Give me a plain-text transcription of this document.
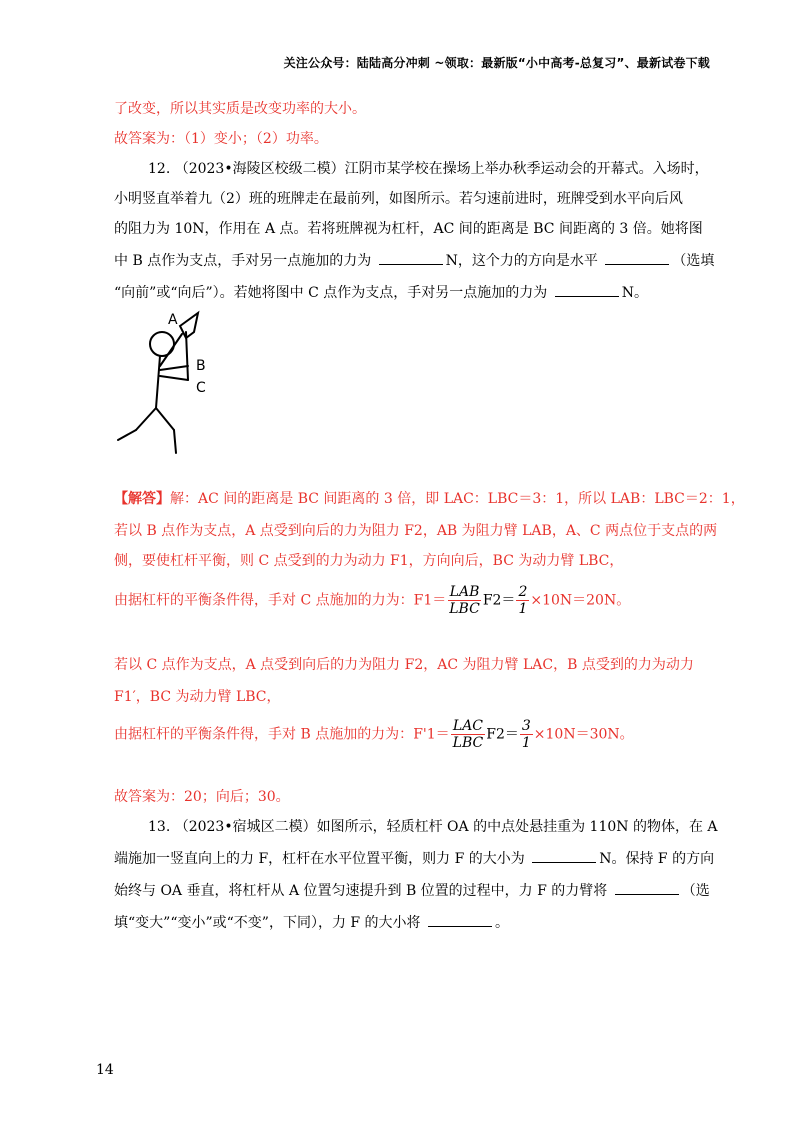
关注公众号：陆陆高分冲刺 ~领取：最新版“小中高考-总复习”、最新试卷下载
了改变，所以其实质是改变功率的大小。
故答案为：（1）变小；（2）功率。
12. （2023•海陵区校级二模）江阴市某学校在操场上举办秋季运动会的开幕式。入场时，
小明竖直举着九（2）班的班牌走在最前列，如图所示。若匀速前进时，班牌受到水平向后风
的阻力为 10N，作用在 A 点。若将班牌视为杠杆，AC 间的距离是 BC 间距离的 3 倍。她将图
中 B 点作为支点，手对另一点施加的力为	N，这个力的方向是水平	（选填
“向前”或“向后”）。若她将图中 C 点作为支点，手对另一点施加的力为	N。
A
B
C
【解答】解：AC 间的距离是 BC 间距离的 3 倍，即 LAC：LBC＝3：1，所以 LAB：LBC＝2：1，
若以 B 点作为支点，A 点受到向后的力为阻力 F2，AB 为阻力臂 LAB，A、C 两点位于支点的两
侧，要使杠杆平衡，则 C 点受到的力为动力 F1，方向向后，BC 为动力臂 LBC，
由据杠杆的平衡条件得，手对 C 点施加的力为：$F1= \frac{\text{LAB}}{\text{LBC}} F2= \frac{2}{1} \times 10N=20N$。
若以 C 点作为支点，A 点受到向后的力为阻力 F2，AC 为阻力臂 LAC，B 点受到的力为动力
F1′，BC 为动力臂 LBC，
由据杠杆的平衡条件得，手对 B 点施加的力为：$F'1= \frac{\text{LAC}}{\text{LBC}} F2= \frac{3}{1} \times 10N=30N$。
故答案为：20；向后；30。
13. （2023•宿城区二模）如图所示，轻质杠杆 OA 的中点处悬挂重为 110N 的物体，在 A
端施加一竖直向上的力 F，杠杆在水平位置平衡，则力 F 的大小为	N。保持 F 的方向
始终与 OA 垂直，将杠杆从 A 位置匀速提升到 B 位置的过程中，力 F 的力臂将	（选
填“变大”“变小”或“不变”，下同），力 F 的大小将	。
14
